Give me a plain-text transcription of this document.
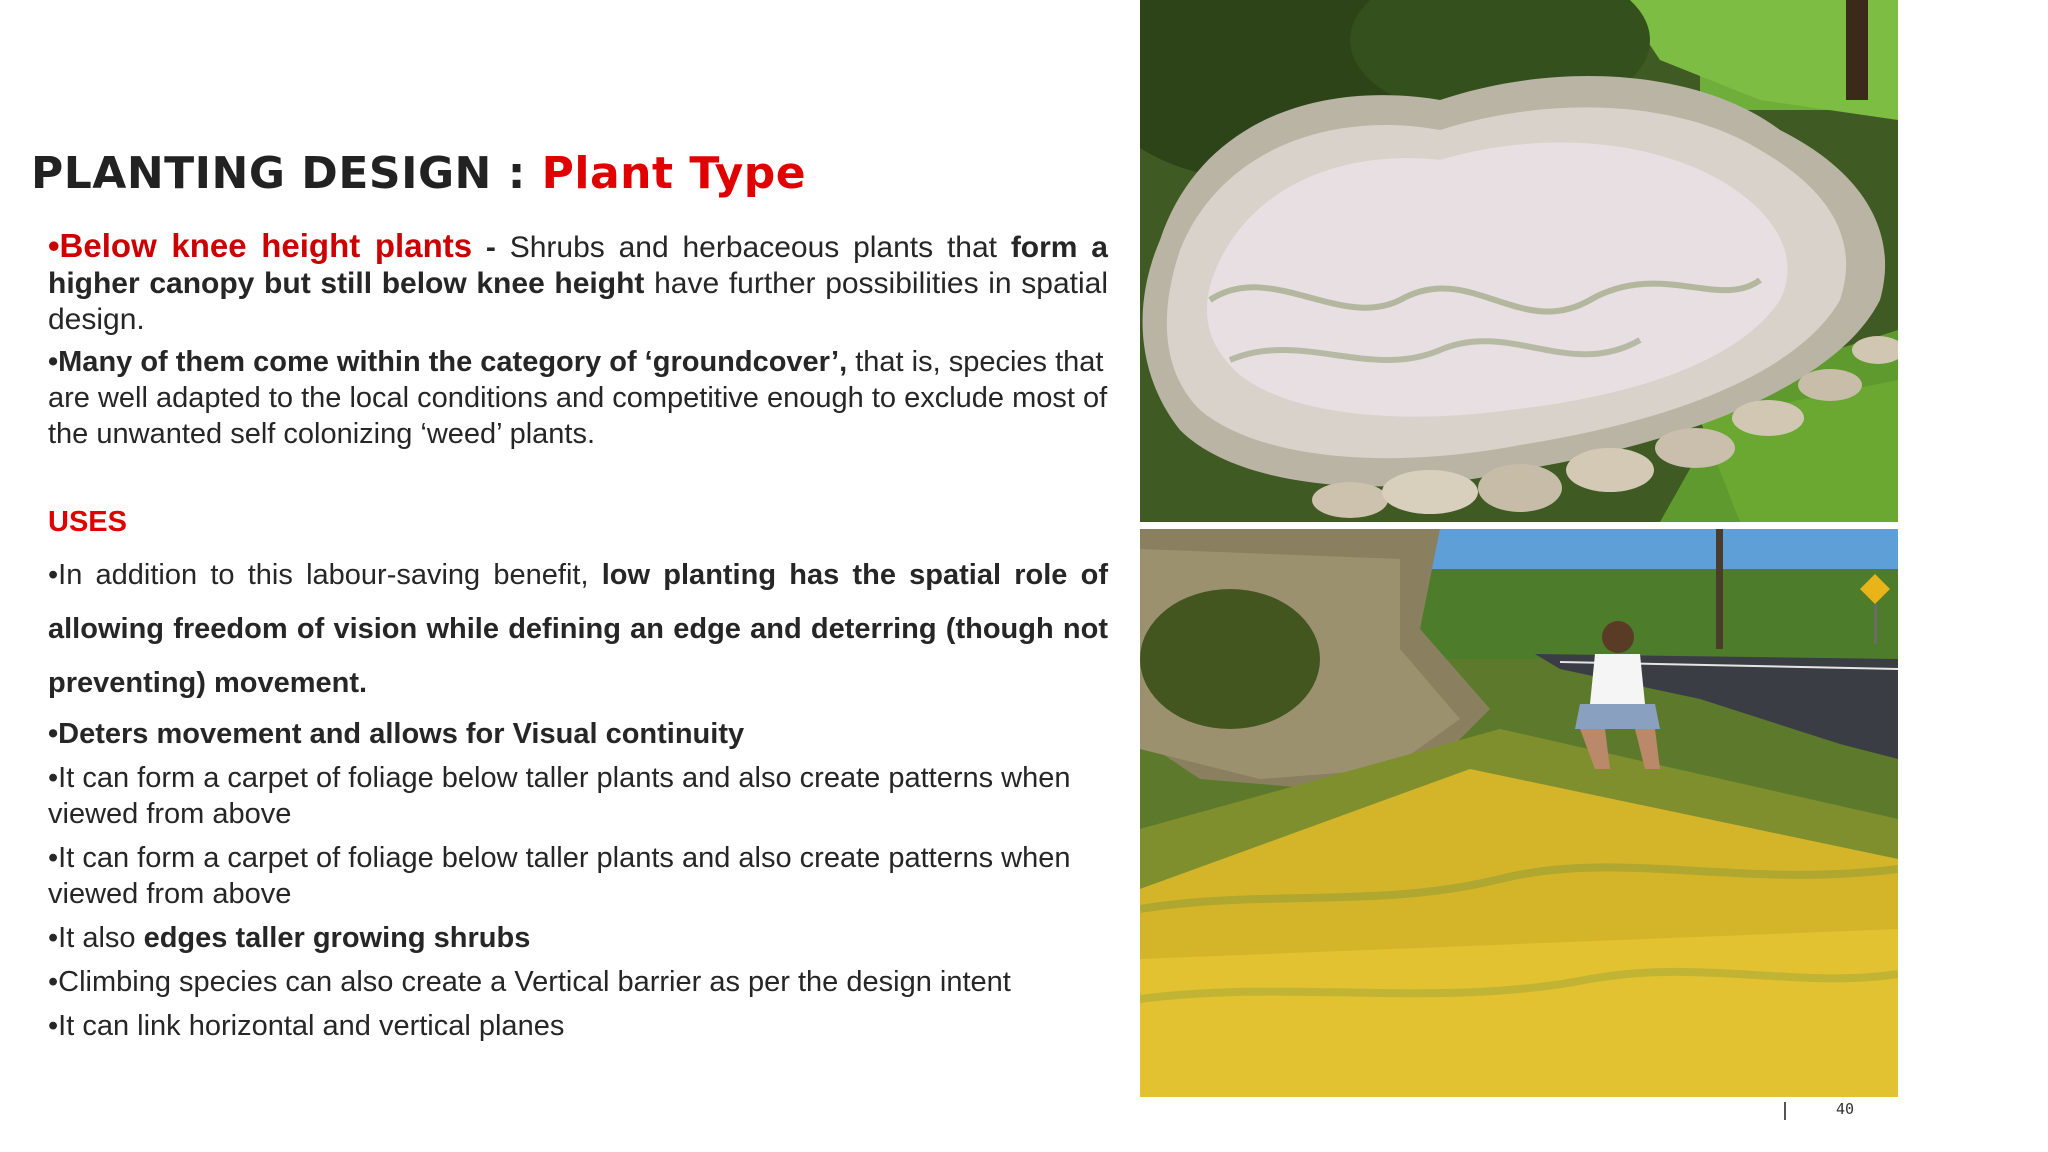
PLANTING DESIGN : Plant Type

•Below knee height plants - Shrubs and herbaceous plants that form a higher canopy but still below knee height have further possibilities in spatial design.

•Many of them come within the category of ‘groundcover’, that is, species that are well adapted to the local conditions and competitive enough to exclude most of the unwanted self colonizing ‘weed’ plants.

USES

•In addition to this labour-saving benefit, low planting has the spatial role of allowing freedom of vision while defining an edge and deterring (though not preventing) movement.

•Deters movement and allows for Visual continuity

•It can form a carpet of foliage below taller plants and also create patterns when viewed from above

•It can form a carpet of foliage below taller plants and also create patterns when viewed from above

•It also edges taller growing shrubs

•Climbing species can also create a Vertical barrier as per the design intent

•It can link horizontal and vertical planes

40
